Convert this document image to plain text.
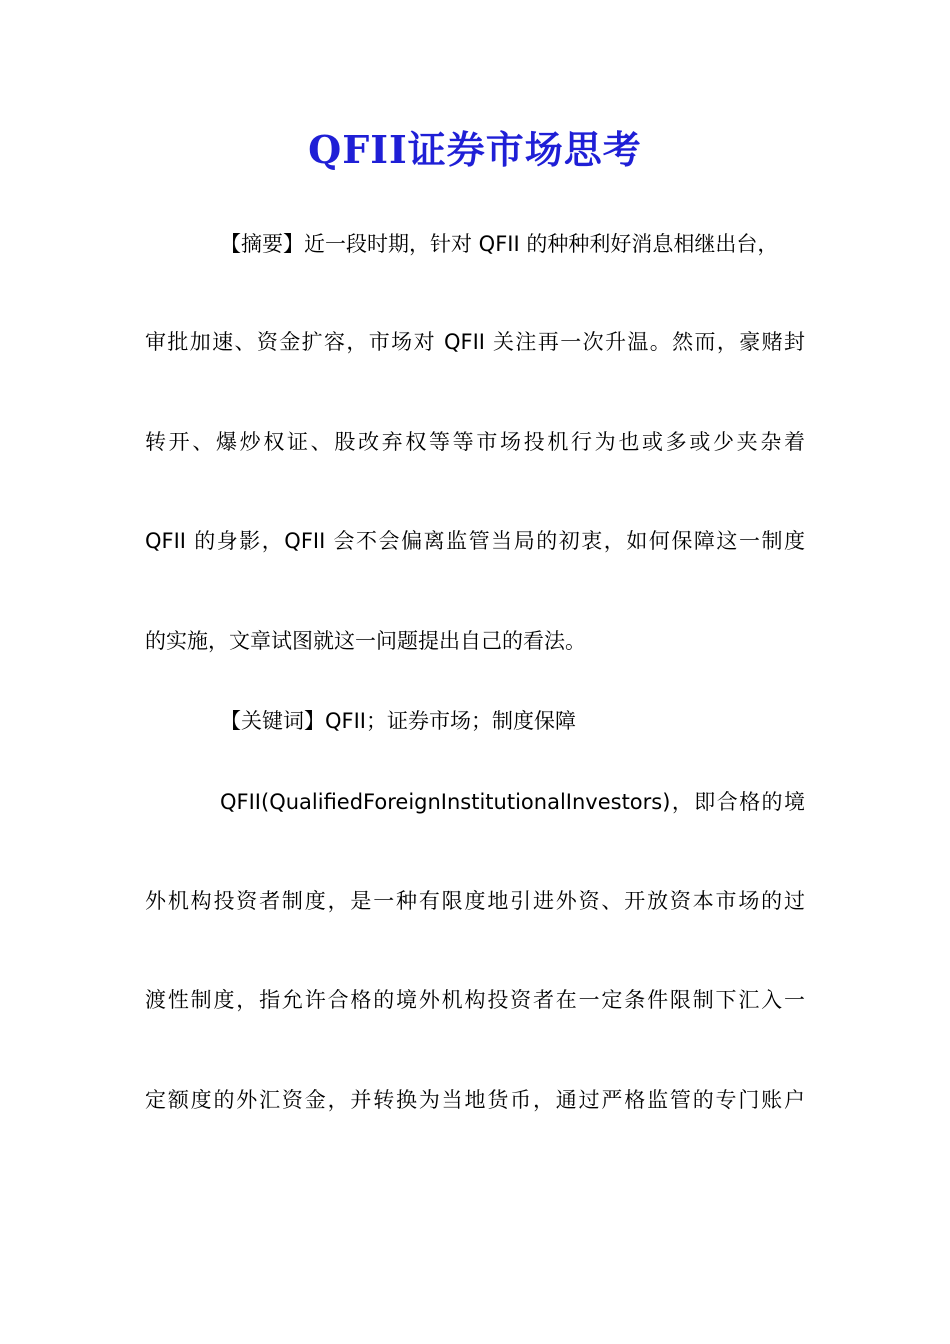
QFII证券市场思考
【摘要】近一段时期，针对 QFII 的种种利好消息相继出台，
审批加速、资金扩容，市场对 QFII 关注再一次升温。然而，豪赌封
转开、爆炒权证、股改弃权等等市场投机行为也或多或少夹杂着
QFII 的身影，QFII 会不会偏离监管当局的初衷，如何保障这一制度
的实施，文章试图就这一问题提出自己的看法。
【关键词】QFII；证券市场；制度保障
QFII(QualifiedForeignInstitutionalInvestors)，即合格的境
外机构投资者制度，是一种有限度地引进外资、开放资本市场的过
渡性制度，指允许合格的境外机构投资者在一定条件限制下汇入一
定额度的外汇资金，并转换为当地货币，通过严格监管的专门账户
